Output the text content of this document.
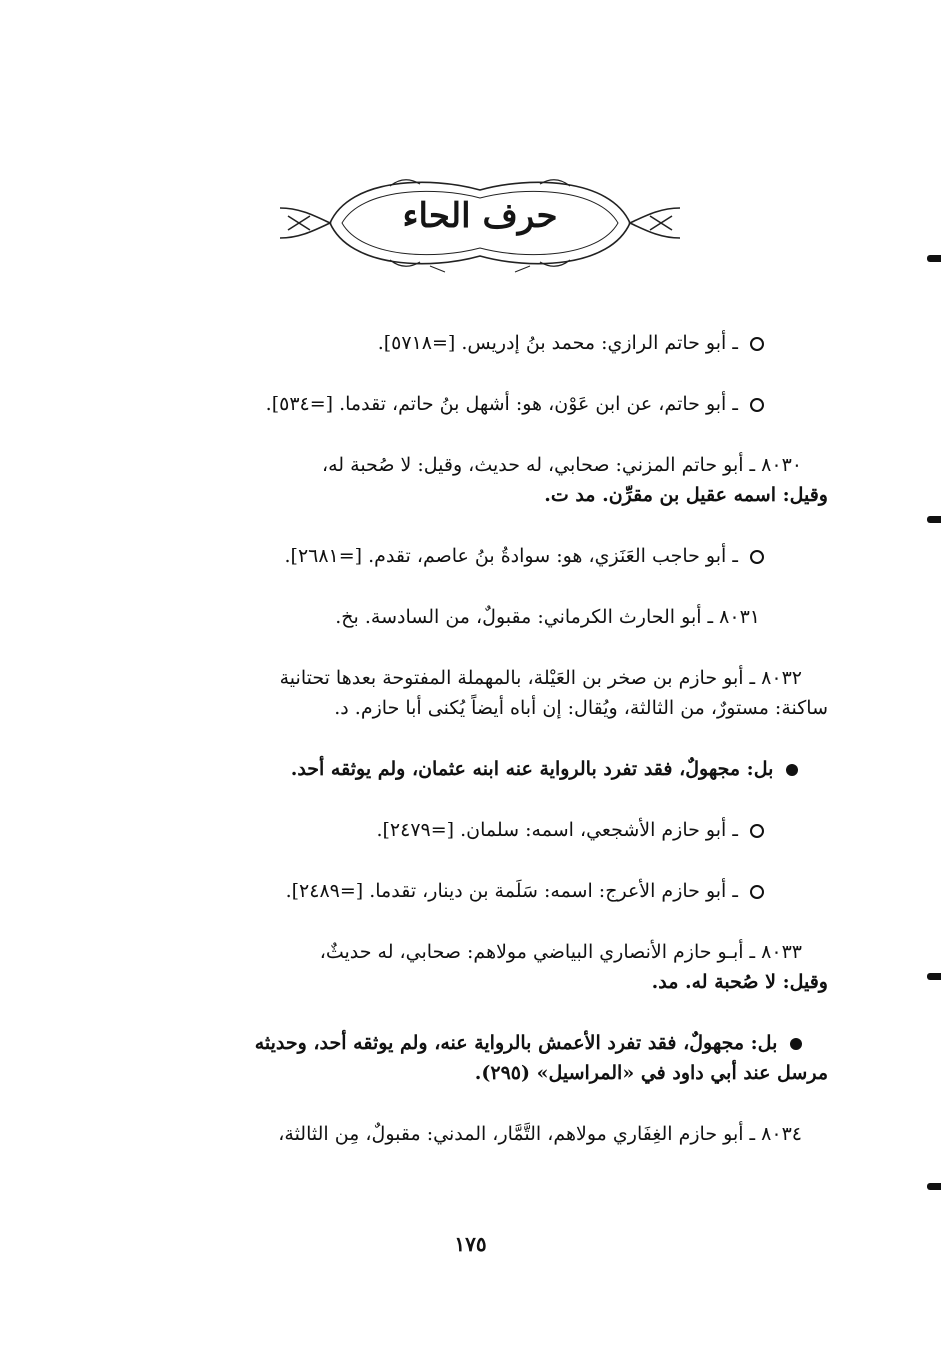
حرف الحاء
ـ أبو حاتم الرازي: محمد بنُ إدريس. [=٥٧١٨].
ـ أبو حاتم، عن ابن عَوْن، هو: أشهل بنُ حاتم، تقدما. [=٥٣٤].
٨٠٣٠ ـ أبو حاتم المزني: صحابي، له حديث، وقيل: لا صُحبة له،
وقيل: اسمه عقيل بن مقرِّن. مد ت.
ـ أبو حاجب العَنَزي، هو: سوادةُ بنُ عاصم، تقدم. [=٢٦٨١].
٨٠٣١ ـ أبو الحارث الكرماني: مقبولٌ، من السادسة. بخ.
٨٠٣٢ ـ أبو حازم بن صخر بن العَيْلة، بالمهملة المفتوحة بعدها تحتانية
ساكنة: مستورٌ، من الثالثة، ويُقال: إن أباه أيضاً يُكنى أبا حازم. د.
بل: مجهولٌ، فقد تفرد بالرواية عنه ابنه عثمان، ولم يوثقه أحد.
ـ أبو حازم الأشجعي، اسمه: سلمان. [=٢٤٧٩].
ـ أبو حازم الأعرج: اسمه: سَلَمة بن دينار، تقدما. [=٢٤٨٩].
٨٠٣٣ ـ أبـو حازم الأنصاري البياضي مولاهم: صحابي، له حديثٌ،
وقيل: لا صُحبة له. مد.
بل: مجهولٌ، فقد تفرد الأعمش بالرواية عنه، ولم يوثقه أحد، وحديثه
مرسل عند أبي داود في «المراسيل» (٢٩٥).
٨٠٣٤ ـ أبو حازم الغِفَاري مولاهم، التَّمَّار، المدني: مقبولٌ، مِن الثالثة،
١٧٥
